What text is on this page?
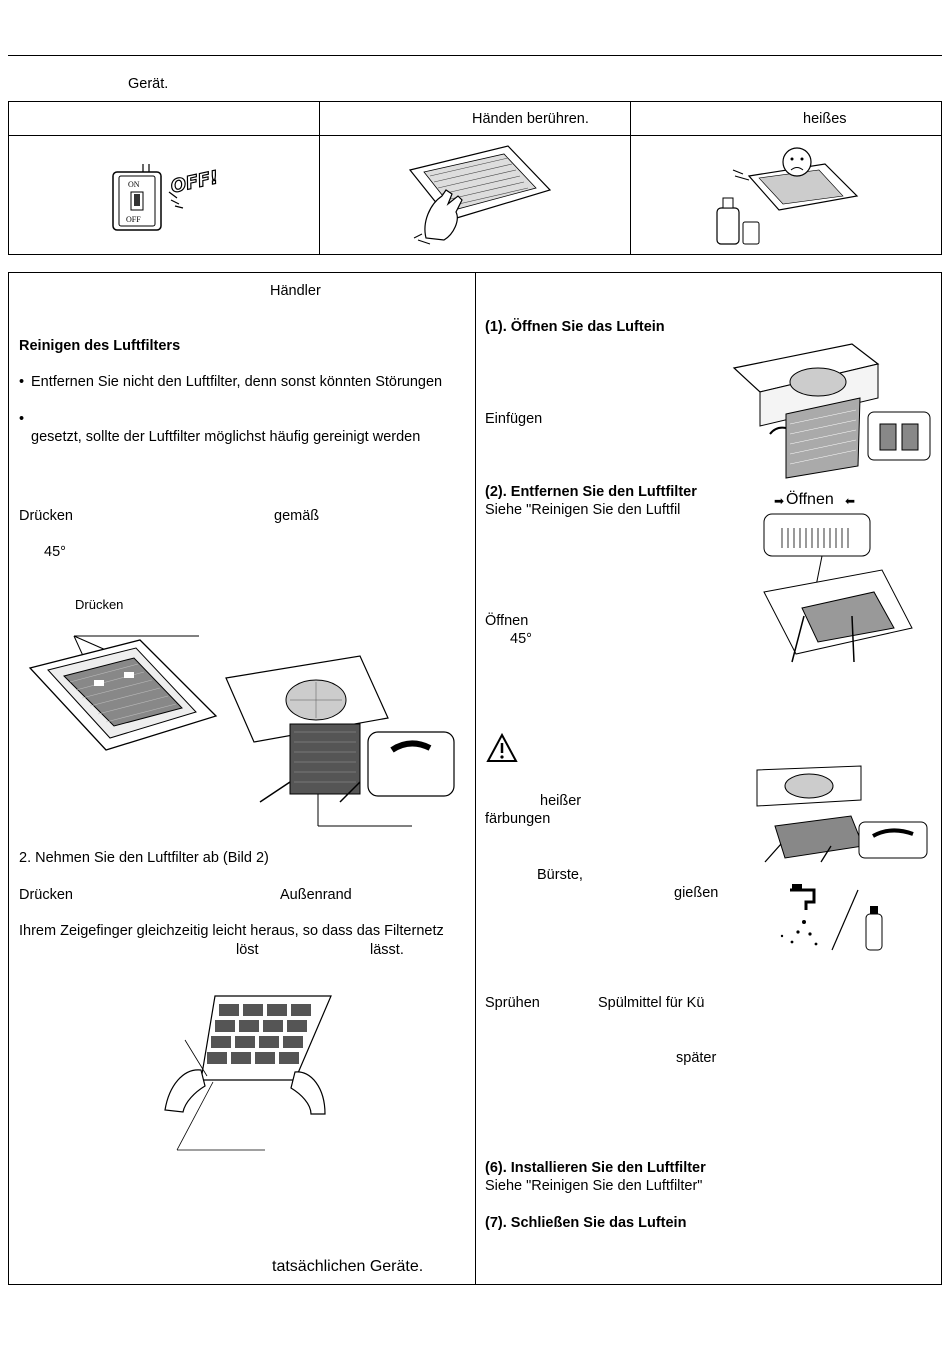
Gerät.
Händen berühren.	heißes
ON
OFF
OFF!
Händler
Reinigen des Luftfilters
• Entfernen Sie nicht den Luftfilter, denn sonst könnten Störungen
•
gesetzt, sollte der Luftfilter möglichst häufig gereinigt werden
Drücken	gemäß
45°
Drücken
2. Nehmen Sie den Luftfilter ab (Bild 2)
Drücken	Außenrand
Ihrem Zeigefinger gleichzeitig leicht heraus, so dass das Filternetz
löst	lässt.
tatsächlichen Geräte.
(1). Öffnen Sie das Luftein
Einfügen
(2). Entfernen Sie den Luftfilter
Siehe "Reinigen Sie den Luftfil
Öffnen
45°
Öffnen
➡	⬅
heißer
färbungen
Bürste,
gießen
Sprühen	Spülmittel für Kü
später
(6). Installieren Sie den Luftfilter
Siehe "Reinigen Sie den Luftfilter"
(7). Schließen Sie das Luftein
